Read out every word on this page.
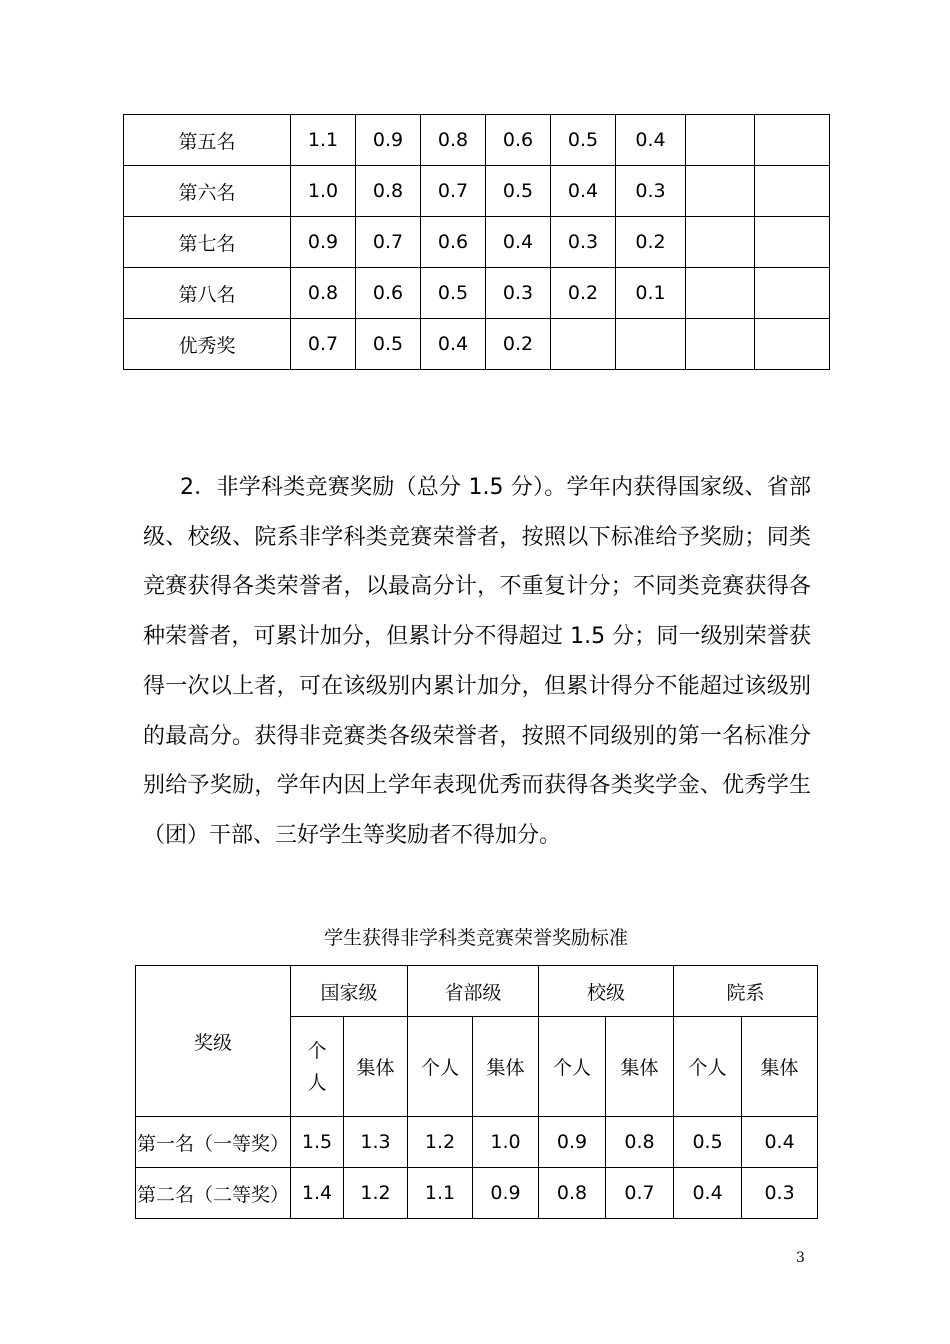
第五名	1.1	0.9	0.8	0.6	0.5	0.4		
第六名	1.0	0.8	0.7	0.5	0.4	0.3		
第七名	0.9	0.7	0.6	0.4	0.3	0.2		
第八名	0.8	0.6	0.5	0.3	0.2	0.1		
优秀奖	0.7	0.5	0.4	0.2				

2．非学科类竞赛奖励（总分 1.5 分）。学年内获得国家级、省部级、校级、院系非学科类竞赛荣誉者，按照以下标准给予奖励；同类竞赛获得各类荣誉者，以最高分计，不重复计分；不同类竞赛获得各种荣誉者，可累计加分，但累计分不得超过 1.5 分；同一级别荣誉获得一次以上者，可在该级别内累计加分，但累计得分不能超过该级别的最高分。获得非竞赛类各级荣誉者，按照不同级别的第一名标准分别给予奖励，学年内因上学年表现优秀而获得各类奖学金、优秀学生（团）干部、三好学生等奖励者不得加分。

学生获得非学科类竞赛荣誉奖励标准
奖级	国家级		省部级		校级		院系	
	个人	集体	个人	集体	个人	集体	个人	集体
第一名（一等奖）	1.5	1.3	1.2	1.0	0.9	0.8	0.5	0.4
第二名（二等奖）	1.4	1.2	1.1	0.9	0.8	0.7	0.4	0.3
3
